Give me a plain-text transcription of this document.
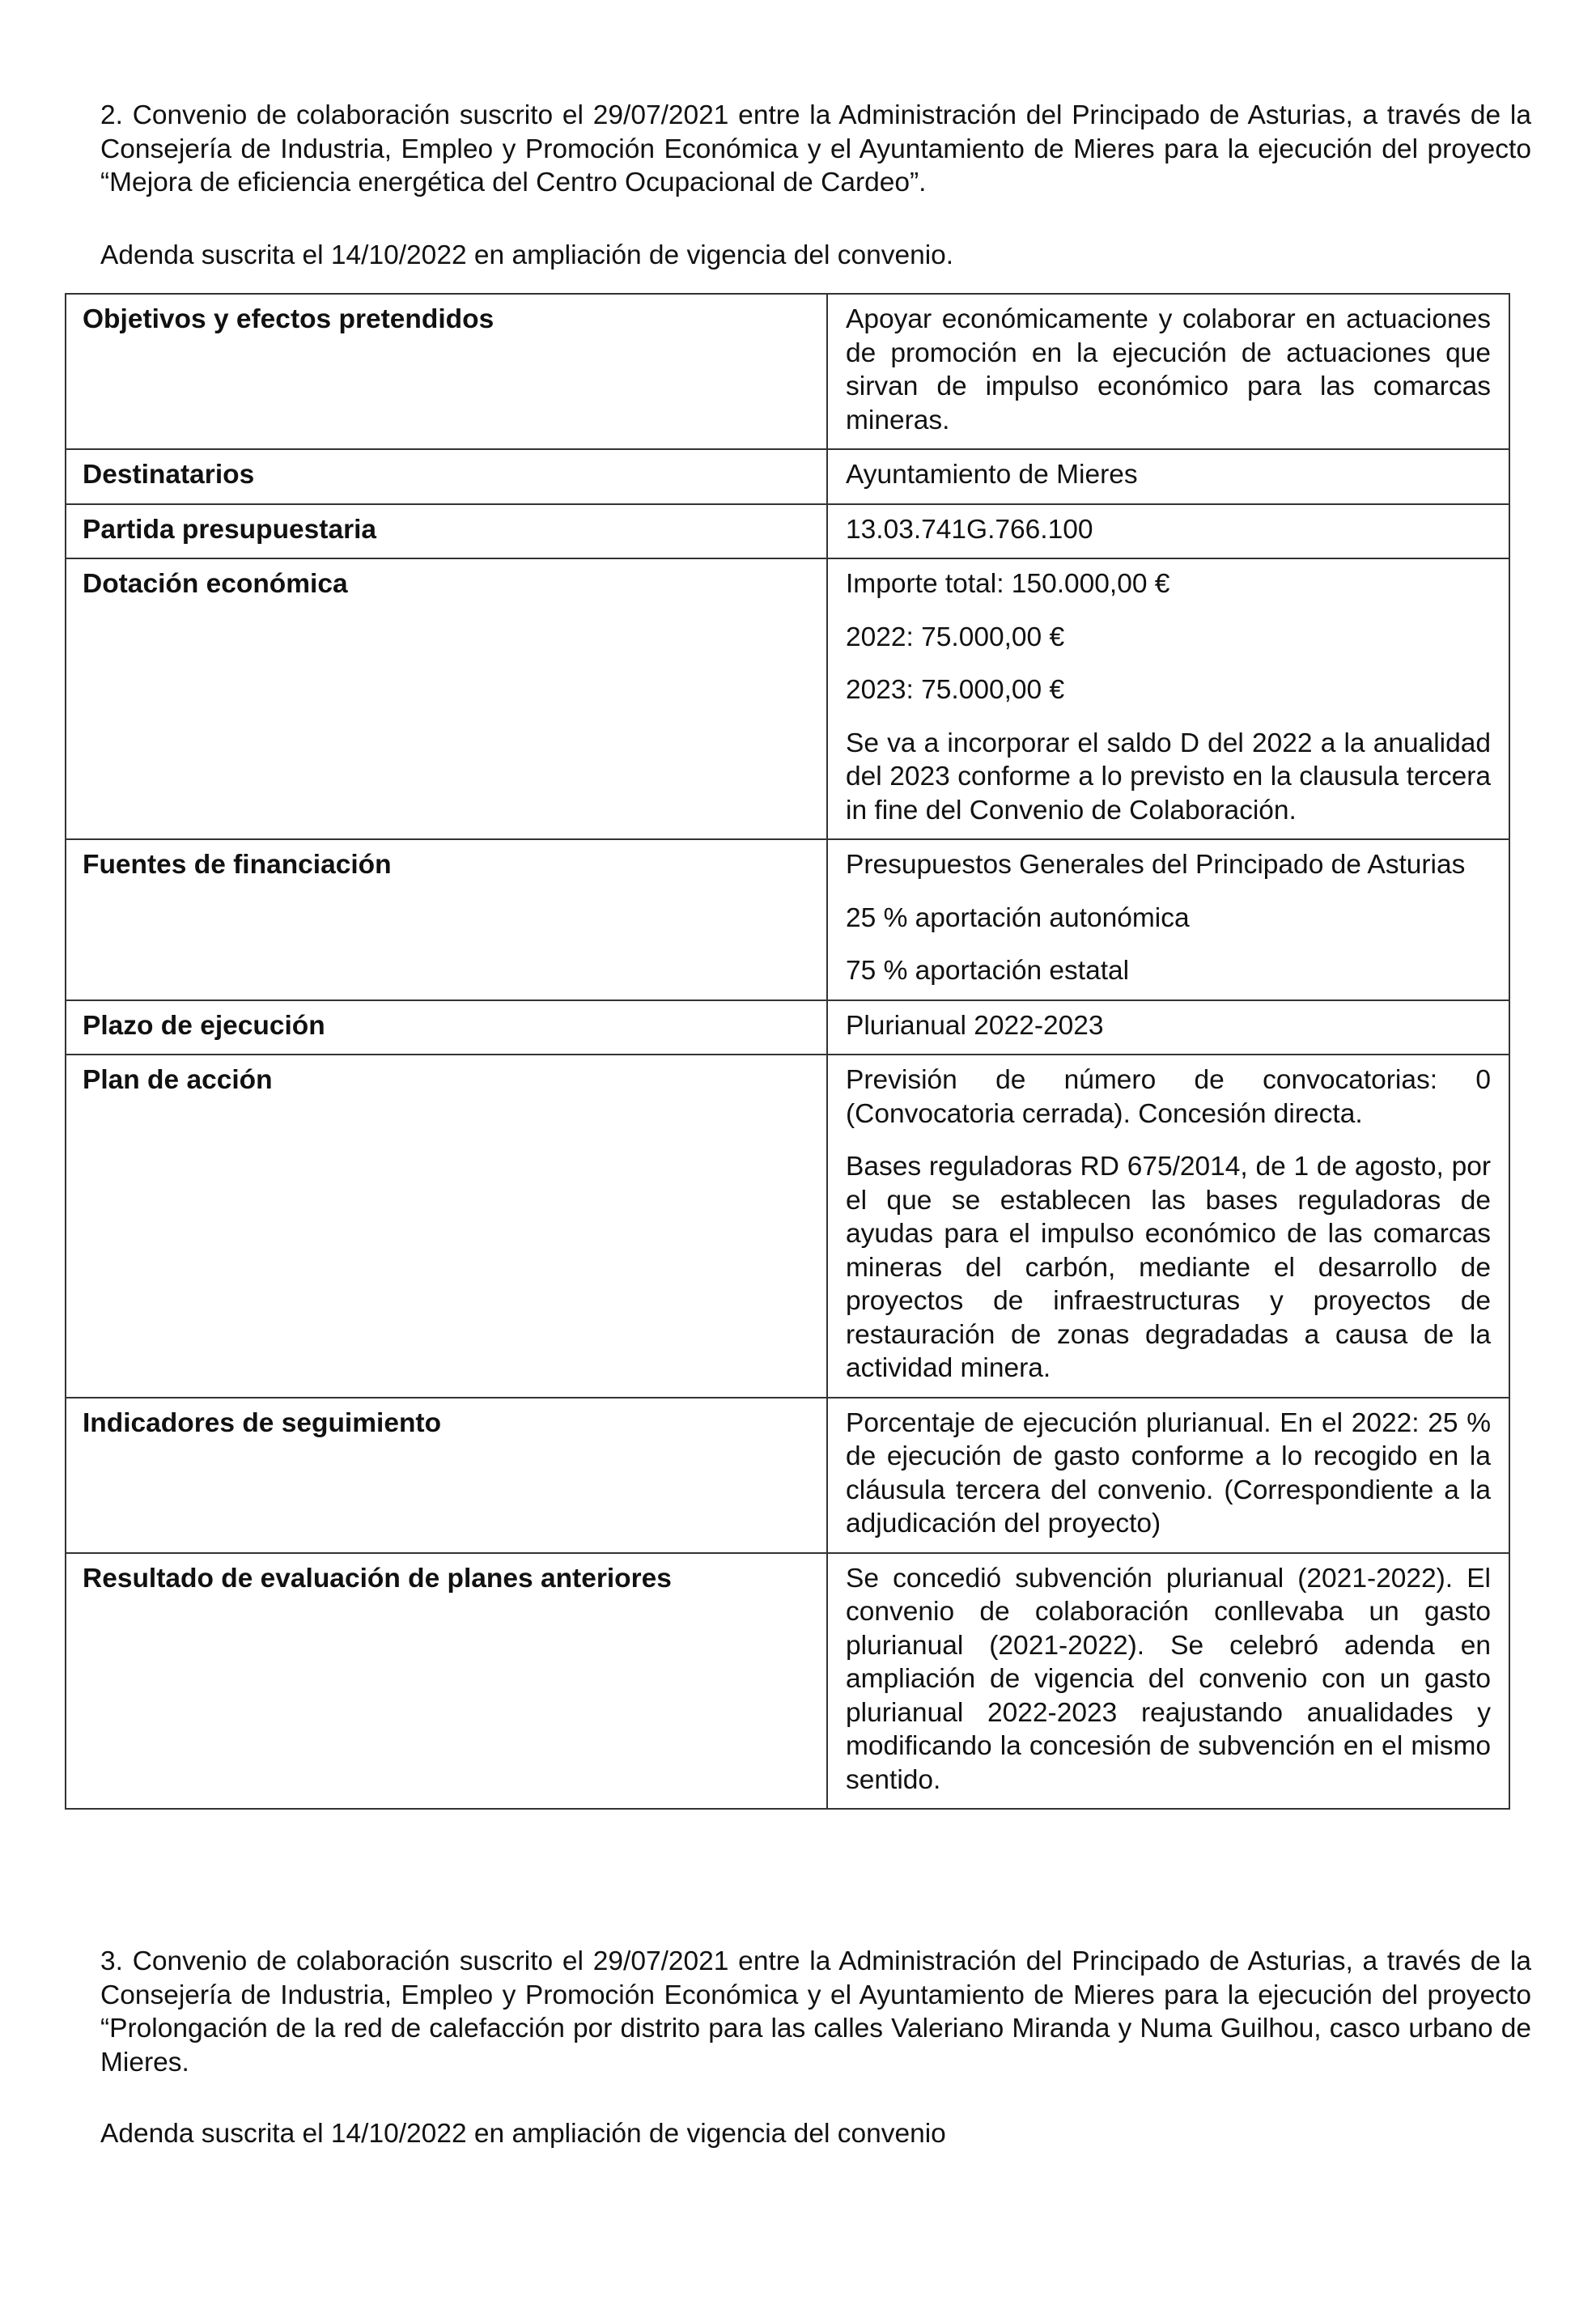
2. Convenio de colaboración suscrito el 29/07/2021 entre la Administración del Principado de Asturias, a través de la Consejería de Industria, Empleo y Promoción Económica y el Ayuntamiento de Mieres para la ejecución del proyecto “Mejora de eficiencia energética del Centro Ocupacional de Cardeo”.

Adenda suscrita el 14/10/2022 en ampliación de vigencia del convenio.

Objetivos y efectos pretendidos	Apoyar económicamente y colaborar en actuaciones de promoción en la ejecución de actuaciones que sirvan de impulso económico para las comarcas mineras.

Destinatarios	Ayuntamiento de Mieres

Partida presupuestaria	13.03.741G.766.100

Dotación económica	Importe total: 150.000,00 €

2022: 75.000,00 €

2023: 75.000,00 €

Se va a incorporar el saldo D del 2022 a la anualidad del 2023 conforme a lo previsto en la clausula tercera in fine del Convenio de Colaboración.

Fuentes de financiación	Presupuestos Generales del Principado de Asturias

25 % aportación autonómica

75 % aportación estatal

Plazo de ejecución	Plurianual 2022-2023

Plan de acción	Previsión de número de convocatorias: 0 (Convocatoria cerrada). Concesión directa.

Bases reguladoras RD 675/2014, de 1 de agosto, por el que se establecen las bases reguladoras de ayudas para el impulso económico de las comarcas mineras del carbón, mediante el desarrollo de proyectos de infraestructuras y proyectos de restauración de zonas degradadas a causa de la actividad minera.

Indicadores de seguimiento	Porcentaje de ejecución plurianual. En el 2022: 25 % de ejecución de gasto conforme a lo recogido en la cláusula tercera del convenio. (Correspondiente a la adjudicación del proyecto)

Resultado de evaluación de planes anteriores	Se concedió subvención plurianual (2021-2022). El convenio de colaboración conllevaba un gasto plurianual (2021-2022). Se celebró adenda en ampliación de vigencia del convenio con un gasto plurianual 2022-2023 reajustando anualidades y modificando la concesión de subvención en el mismo sentido.

3. Convenio de colaboración suscrito el 29/07/2021 entre la Administración del Principado de Asturias, a través de la Consejería de Industria, Empleo y Promoción Económica y el Ayuntamiento de Mieres para la ejecución del proyecto “Prolongación de la red de calefacción por distrito para las calles Valeriano Miranda y Numa Guilhou, casco urbano de Mieres.

Adenda suscrita el 14/10/2022 en ampliación de vigencia del convenio
